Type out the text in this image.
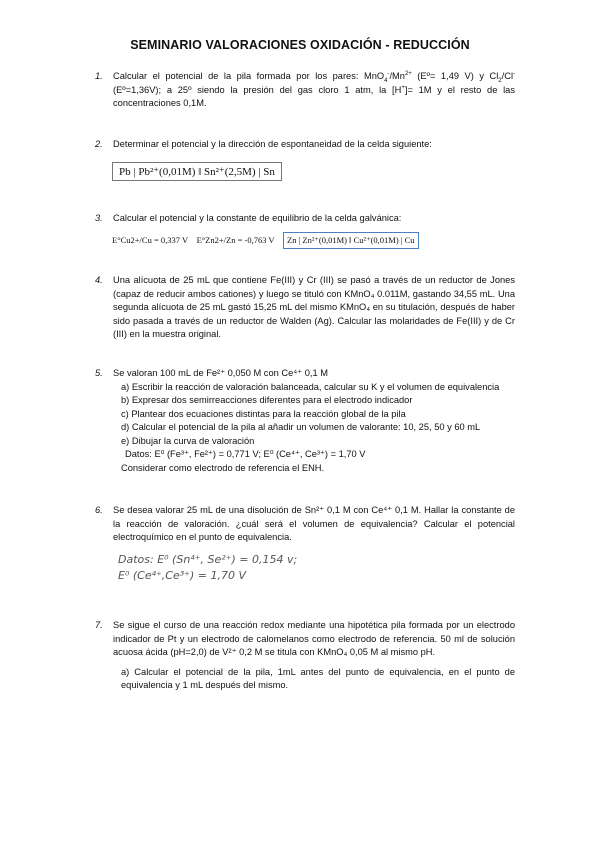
SEMINARIO VALORACIONES OXIDACIÓN - REDUCCIÓN
1. Calcular el potencial de la pila formada por los pares: $MnO_4^-/Mn^{2+}$ (Eº= 1,49 V) y $Cl_2/Cl^-$ (Eº=1,36V); a 25º siendo la presión del gas cloro 1 atm, la [H+]= 1M y el resto de las concentraciones 0,1M.
2. Determinar el potencial y la dirección de espontaneidad de la celda siguiente:
Pb | Pb²⁺(0,01M) ‖ Sn²⁺(2,5M) | Sn
3. Calcular el potencial y la constante de equilibrio de la celda galvánica:
E°Cu2+/Cu = 0,337 V E°Zn2+/Zn = -0,763 V Zn | Zn²⁺(0,01M) ‖ Cu²⁺(0,01M) | Cu
4. Una alícuota de 25 mL que contiene Fe(III) y Cr (III) se pasó a través de un reductor de Jones (capaz de reducir ambos cationes) y luego se tituló con KMnO₄ 0.011M, gastando 34,55 mL. Una segunda alícuota de 25 mL gastó 15,25 mL del mismo KMnO₄ en su titulación, después de haber sido pasada a través de un reductor de Walden (Ag). Calcular las molaridades de Fe(III) y de Cr (III) en la muestra original.
5. Se valoran 100 mL de Fe²⁺ 0,050 M con Ce⁴⁺ 0,1 M
a) Escribir la reacción de valoración balanceada, calcular su K y el volumen de equivalencia
b) Expresar dos semirreacciones diferentes para el electrodo indicador
c) Plantear dos ecuaciones distintas para la reacción global de la pila
d) Calcular el potencial de la pila al añadir un volumen de valorante: 10, 25, 50 y 60 mL
e) Dibujar la curva de valoración
Datos: E⁰ (Fe³⁺, Fe²⁺) = 0,771 V; E⁰ (Ce⁴⁺, Ce³⁺) = 1,70 V
Considerar como electrodo de referencia el ENH.
6. Se desea valorar 25 mL de una disolución de Sn²⁺ 0,1 M con Ce⁴⁺ 0,1 M. Hallar la constante de la reacción de valoración. ¿cuál será el volumen de equivalencia? Calcular el potencial electroquímico en el punto de equivalencia.
Datos: E⁰ (Sn⁴⁺, Se²⁺) = 0,154 v;
E⁰ (Ce⁴⁺,Ce³⁺) = 1,70 V
7. Se sigue el curso de una reacción redox mediante una hipotética pila formada por un electrodo indicador de Pt y un electrodo de calomelanos como electrodo de referencia. 50 ml de solución acuosa ácida (pH=2,0) de V²⁺ 0,2 M se titula con KMnO₄ 0,05 M al mismo pH.
a) Calcular el potencial de la pila, 1mL antes del punto de equivalencia, en el punto de equivalencia y 1 mL después del mismo.
